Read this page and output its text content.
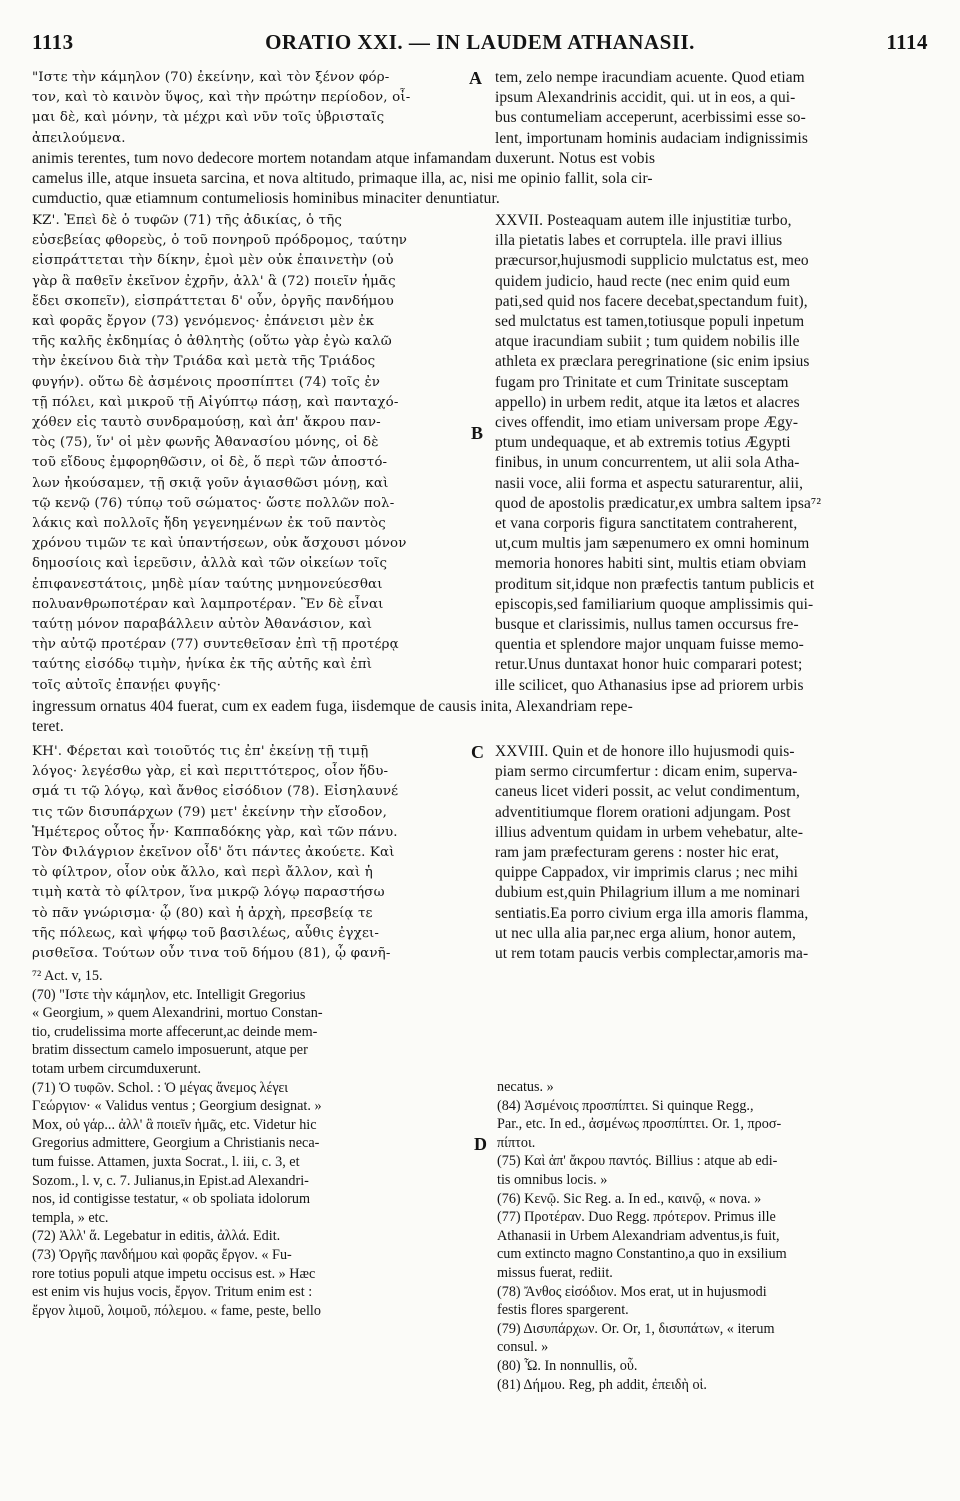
1113	ORATIO XXI. — IN LAUDEM ATHANASII.	1114
"Ιστε τὴν κάμηλον (70) ἐκείνην, καὶ τὸν ξένον φόρ-
τον, καὶ τὸ καινὸν ὕψος, καὶ τὴν πρώτην περίοδον, οἶ-
μαι δὲ, καὶ μόνην, τὰ μέχρι καὶ νῦν τοῖς ὑβρισταῖς
ἀπειλούμενα.
A tem, zelo nempe iracundiam acuente. Quod etiam
ipsum Alexandrinis accidit, qui. ut in eos, a qui-
bus contumeliam acceperunt, acerbissimi esse so-
lent, importunam hominis audaciam indignissimis
animis terentes, tum novo dedecore mortem notandam atque infamandam duxerunt. Notus est vobis
camelus ille, atque insueta sarcina, et nova altitudo, primaque illa, ac, nisi me opinio fallit, sola cir-
cumductio, quæ etiamnum contumeliosis hominibus minaciter denuntiatur.
ΚΖ'. Ἐπεὶ δὲ ὁ τυφῶν (71) τῆς ἀδικίας, ὁ τῆς
εὐσεβείας φθορεὺς, ὁ τοῦ πονηροῦ πρόδρομος, ταύτην
εἰσπράττεται τὴν δίκην, ἐμοὶ μὲν οὐκ ἐπαινετὴν (οὐ
γὰρ ἃ παθεῖν ἐκεῖνον ἐχρῆν, ἀλλ' ἃ (72) ποιεῖν ἡμᾶς
ἔδει σκοπεῖν), εἰσπράττεται δ' οὖν, ὀργῆς πανδήμου
καὶ φορᾶς ἔργον (73) γενόμενος· ἐπάνεισι μὲν ἐκ
τῆς καλῆς ἐκδημίας ὁ ἀθλητὴς (οὕτω γὰρ ἐγὼ καλῶ
τὴν ἐκείνου διὰ τὴν Τριάδα καὶ μετὰ τῆς Τριάδος
φυγήν). οὕτω δὲ ἀσμένοις προσπίπτει (74) τοῖς ἐν
τῇ πόλει, καὶ μικροῦ τῇ Αἰγύπτῳ πάσῃ, καὶ πανταχό-
χόθεν εἰς ταυτὸ συνδραμούσῃ, καὶ ἀπ' ἄκρου παν-
τὸς (75), ἵν' οἱ μὲν φωνῆς Ἀθανασίου μόνης, οἱ δὲ
τοῦ εἴδους ἐμφορηθῶσιν, οἱ δὲ, ὅ περὶ τῶν ἀποστό-
λων ἠκούσαμεν, τῇ σκιᾷ γοῦν ἁγιασθῶσι μόνῃ, καὶ
τῷ κενῷ (76) τύπῳ τοῦ σώματος· ὥστε πολλῶν πολ-
λάκις καὶ πολλοῖς ἤδη γεγενημένων ἐκ τοῦ παντὸς
χρόνου τιμῶν τε καὶ ὑπαντήσεων, οὐκ ἄσχουσι μόνον
δημοσίοις καὶ ἱερεῦσιν, ἀλλὰ καὶ τῶν οἰκείων τοῖς
ἐπιφανεστάτοις, μηδὲ μίαν ταύτης μνημονεύεσθαι
πολυανθρωποτέραν καὶ λαμπροτέραν. Ἓν δὲ εἶναι
ταύτῃ μόνον παραβάλλειν αὐτὸν Ἀθανάσιον, καὶ
τὴν αὐτῷ προτέραν (77) συντεθεῖσαν ἐπὶ τῇ προτέρᾳ
ταύτης εἰσόδῳ τιμὴν, ἡνίκα ἐκ τῆς αὐτῆς καὶ ἐπὶ
τοῖς αὐτοῖς ἐπανῄει φυγῆς·
B
XXVII. Posteaquam autem ille injustitiæ turbo,
illa pietatis labes et corruptela. ille pravi illius
præcursor,hujusmodi supplicio mulctatus est, meo
quidem judicio, haud recte (nec enim quid eum
pati,sed quid nos facere decebat,spectandum fuit),
sed mulctatus est tamen,totiusque populi inpetum
atque iracundiam subiit ; tum quidem nobilis ille
athleta ex præclara peregrinatione (sic enim ipsius
fugam pro Trinitate et cum Trinitate susceptam
appello) in urbem redit, atque ita lætos et alacres
cives offendit, imo etiam universam prope Ægy-
ptum undequaque, et ab extremis totius Ægypti
finibus, in unum concurrentem, ut alii sola Atha-
nasii voce, alii forma et aspectu saturarentur, alii,
quod de apostolis prædicatur,ex umbra saltem ipsa⁷²
et vana corporis figura sanctitatem contraherent,
ut,cum multis jam sæpenumero ex omni hominum
memoria honores habiti sint, multis etiam obviam
proditum sit,idque non præfectis tantum publicis et
episcopis,sed familiarium quoque amplissimis qui-
busque et clarissimis, nullus tamen occursus fre-
quentia et splendore major unquam fuisse memo-
retur.Unus duntaxat honor huic comparari potest;
ille scilicet, quo Athanasius ipse ad priorem urbis
ingressum ornatus 404 fuerat, cum ex eadem fuga, iisdemque de causis inita, Alexandriam repe-
teret.
ΚΗ'. Φέρεται καὶ τοιοῦτός τις ἐπ' ἐκείνῃ τῇ τιμῇ
λόγος· λεγέσθω γὰρ, εἰ καὶ περιττότερος, οἷον ἥδυ-
σμά τι τῷ λόγῳ, καὶ ἄνθος εἰσόδιον (78). Εἰσηλαυνέ
τις τῶν δισυπάρχων (79) μετ' ἐκείνην τὴν εἴσοδον,
Ἡμέτερος οὗτος ἦν· Καππαδόκης γὰρ, καὶ τῶν πάνυ.
Τὸν Φιλάγριον ἐκεῖνον οἶδ' ὅτι πάντες ἀκούετε. Καὶ
τὸ φίλτρον, οἷον οὐκ ἄλλο, καὶ περὶ ἄλλον, καὶ ἡ
τιμὴ κατὰ τὸ φίλτρον, ἵνα μικρῷ λόγῳ παραστήσω
τὸ πᾶν γνώρισμα· ᾧ (80) καὶ ἡ ἀρχὴ, πρεσβείᾳ τε
τῆς πόλεως, καὶ ψήφῳ τοῦ βασιλέως, αὖθις ἐγχει-
ρισθεῖσα. Τούτων οὖν τινα τοῦ δήμου (81), ᾧ φανῆ-
C XXVIII. Quin et de honore illo hujusmodi quis-
piam sermo circumfertur : dicam enim, superva-
caneus licet videri possit, ac velut condimentum,
adventitiumque florem orationi adjungam. Post
illius adventum quidam in urbem vehebatur, alte-
ram jam præfecturam gerens : noster hic erat,
quippe Cappadox, vir imprimis clarus ; nec mihi
dubium est,quin Philagrium illum a me nominari
sentiatis.Ea porro civium erga illa amoris flamma,
ut nec ulla alia par,nec erga alium, honor autem,
ut rem totam paucis verbis complectar,amoris ma-
⁷² Act. v, 15.
(70) "Ιστε τὴν κάμηλον, etc. Intelligit Gregorius
« Georgium, » quem Alexandrini, mortuo Constan-
tio, crudelissima morte affecerunt,ac deinde mem-
bratim dissectum camelo imposuerunt, atque per
totam urbem circumduxerunt.
(71) Ὁ τυφῶν. Schol. : Ὁ μέγας ἄνεμος λέγει
Γεώργιον· « Validus ventus ; Georgium designat. »
Mox, οὐ γάρ... ἀλλ' ἃ ποιεῖν ἡμᾶς, etc. Videtur hic
Gregorius admittere, Georgium a Christianis neca-
tum fuisse. Attamen, juxta Socrat., l. iii, c. 3, et
Sozom., l. v, c. 7. Julianus,in Epist.ad Alexandri-
nos, id contigisse testatur, « ob spoliata idolorum
templa, » etc.
(72) Ἀλλ' ἅ. Legebatur in editis, ἀλλά. Edit.
(73) Ὀργῆς πανδήμου καὶ φορᾶς ἔργον. « Fu-
rore totius populi atque impetu occisus est. » Hæc
est enim vis hujus vocis, ἔργον. Tritum enim est :
ἔργον λιμοῦ, λοιμοῦ, πόλεμου. « fame, peste, bello
D
necatus. »
(84) Ἀσμένοις προσπίπτει. Si quinque Regg.,
Par., etc. In ed., ἀσμένως προσπίπτει. Or. 1, προσ-
πίπτοι.
(75) Καὶ ἀπ' ἄκρου παντός. Billius : atque ab edi-
tis omnibus locis. »
(76) Κενῷ. Sic Reg. a. In ed., καινῷ, « nova. »
(77) Προτέραν. Duo Regg. πρότερον. Primus ille
Athanasii in Urbem Alexandriam adventus,is fuit,
cum extincto magno Constantino,a quo in exsilium
missus fuerat, rediit.
(78) Ἄνθος εἰσόδιον. Mos erat, ut in hujusmodi
festis flores spargerent.
(79) Δισυπάρχων. Or. Or, 1, δισυπάτων, « iterum
consul. »
(80) Ὧ. In nonnullis, οὗ.
(81) Δήμου. Reg, ph addit, ἐπειδὴ οἱ.
